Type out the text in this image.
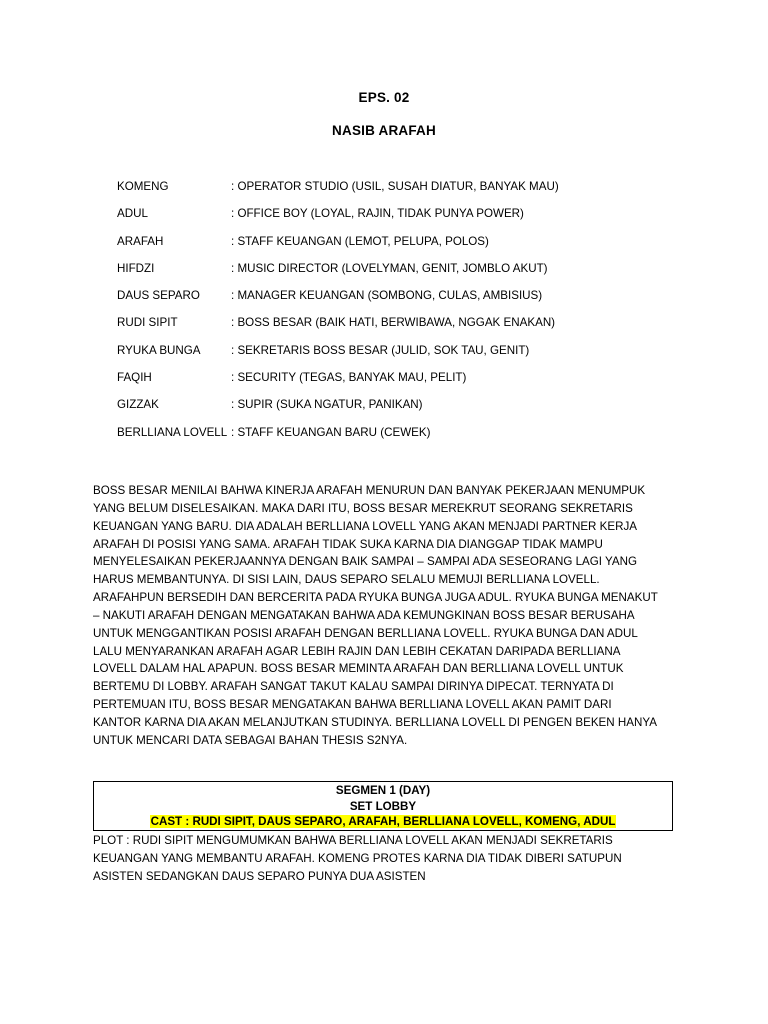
EPS. 02
NASIB ARAFAH
KOMENG	: OPERATOR STUDIO (USIL, SUSAH DIATUR, BANYAK MAU)
ADUL	: OFFICE BOY (LOYAL, RAJIN, TIDAK PUNYA POWER)
ARAFAH	: STAFF KEUANGAN (LEMOT, PELUPA, POLOS)
HIFDZI	: MUSIC DIRECTOR (LOVELYMAN, GENIT, JOMBLO AKUT)
DAUS SEPARO	: MANAGER KEUANGAN (SOMBONG, CULAS, AMBISIUS)
RUDI SIPIT	: BOSS BESAR (BAIK HATI, BERWIBAWA, NGGAK ENAKAN)
RYUKA BUNGA	: SEKRETARIS BOSS BESAR (JULID, SOK TAU, GENIT)
FAQIH	: SECURITY (TEGAS, BANYAK MAU, PELIT)
GIZZAK	: SUPIR (SUKA NGATUR, PANIKAN)
BERLLIANA LOVELL : STAFF KEUANGAN BARU (CEWEK)
BOSS BESAR MENILAI BAHWA KINERJA ARAFAH MENURUN DAN BANYAK PEKERJAAN MENUMPUK
YANG BELUM DISELESAIKAN. MAKA DARI ITU, BOSS BESAR MEREKRUT SEORANG SEKRETARIS
KEUANGAN YANG BARU. DIA ADALAH BERLLIANA LOVELL YANG AKAN MENJADI PARTNER KERJA
ARAFAH DI POSISI YANG SAMA. ARAFAH TIDAK SUKA KARNA DIA DIANGGAP TIDAK MAMPU
MENYELESAIKAN PEKERJAANNYA DENGAN BAIK SAMPAI – SAMPAI ADA SESEORANG LAGI YANG
HARUS MEMBANTUNYA. DI SISI LAIN, DAUS SEPARO SELALU MEMUJI BERLLIANA LOVELL.
ARAFAHPUN BERSEDIH DAN BERCERITA PADA RYUKA BUNGA JUGA ADUL. RYUKA BUNGA MENAKUT
– NAKUTI ARAFAH DENGAN MENGATAKAN BAHWA ADA KEMUNGKINAN BOSS BESAR BERUSAHA
UNTUK MENGGANTIKAN POSISI ARAFAH DENGAN BERLLIANA LOVELL. RYUKA BUNGA DAN ADUL
LALU MENYARANKAN ARAFAH AGAR LEBIH RAJIN DAN LEBIH CEKATAN DARIPADA BERLLIANA
LOVELL DALAM HAL APAPUN. BOSS BESAR MEMINTA ARAFAH DAN BERLLIANA LOVELL UNTUK
BERTEMU DI LOBBY. ARAFAH SANGAT TAKUT KALAU SAMPAI DIRINYA DIPECAT. TERNYATA DI
PERTEMUAN ITU, BOSS BESAR MENGATAKAN BAHWA BERLLIANA LOVELL AKAN PAMIT DARI
KANTOR KARNA DIA AKAN MELANJUTKAN STUDINYA. BERLLIANA LOVELL DI PENGEN BEKEN HANYA
UNTUK MENCARI DATA SEBAGAI BAHAN THESIS S2NYA.
SEGMEN 1 (DAY)
SET LOBBY
CAST : RUDI SIPIT, DAUS SEPARO, ARAFAH, BERLLIANA LOVELL, KOMENG, ADUL
PLOT : RUDI SIPIT MENGUMUMKAN BAHWA BERLLIANA LOVELL AKAN MENJADI SEKRETARIS
KEUANGAN YANG MEMBANTU ARAFAH. KOMENG PROTES KARNA DIA TIDAK DIBERI SATUPUN
ASISTEN SEDANGKAN DAUS SEPARO PUNYA DUA ASISTEN
